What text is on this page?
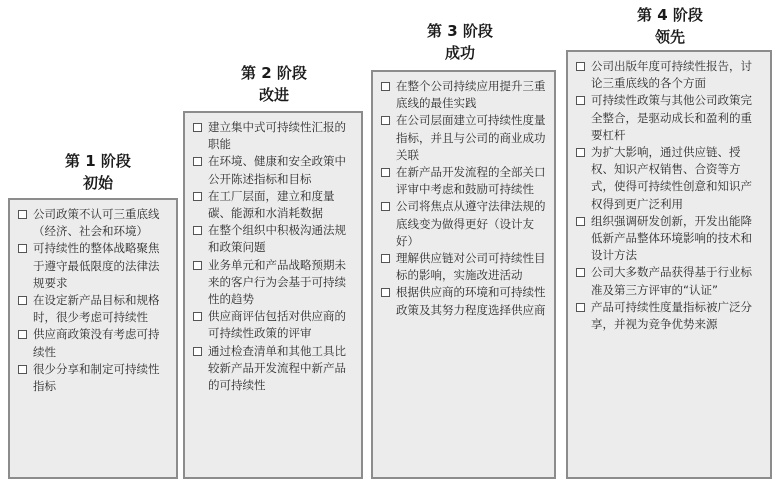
第 1 阶段
初始
公司政策不认可三重底线（经济、社会和环境）
可持续性的整体战略聚焦于遵守最低限度的法律法规要求
在设定新产品目标和规格时，很少考虑可持续性
供应商政策没有考虑可持续性
很少分享和制定可持续性指标
第 2 阶段
改进
建立集中式可持续性汇报的职能
在环境、健康和安全政策中公开陈述指标和目标
在工厂层面，建立和度量碳、能源和水消耗数据
在整个组织中积极沟通法规和政策问题
业务单元和产品战略预期未来的客户行为会基于可持续性的趋势
供应商评估包括对供应商的可持续性政策的评审
通过检查清单和其他工具比较新产品开发流程中新产品的可持续性
第 3 阶段
成功
在整个公司持续应用提升三重底线的最佳实践
在公司层面建立可持续性度量指标，并且与公司的商业成功关联
在新产品开发流程的全部关口评审中考虑和鼓励可持续性
公司将焦点从遵守法律法规的底线变为做得更好（设计友好）
理解供应链对公司可持续性目标的影响，实施改进活动
根据供应商的环境和可持续性政策及其努力程度选择供应商
第 4 阶段
领先
公司出版年度可持续性报告，讨论三重底线的各个方面
可持续性政策与其他公司政策完全整合，是驱动成长和盈利的重要杠杆
为扩大影响，通过供应链、授权、知识产权销售、合资等方式，使得可持续性创意和知识产权得到更广泛利用
组织强调研发创新，开发出能降低新产品整体环境影响的技术和设计方法
公司大多数产品获得基于行业标准及第三方评审的“认证”
产品可持续性度量指标被广泛分享，并视为竞争优势来源
